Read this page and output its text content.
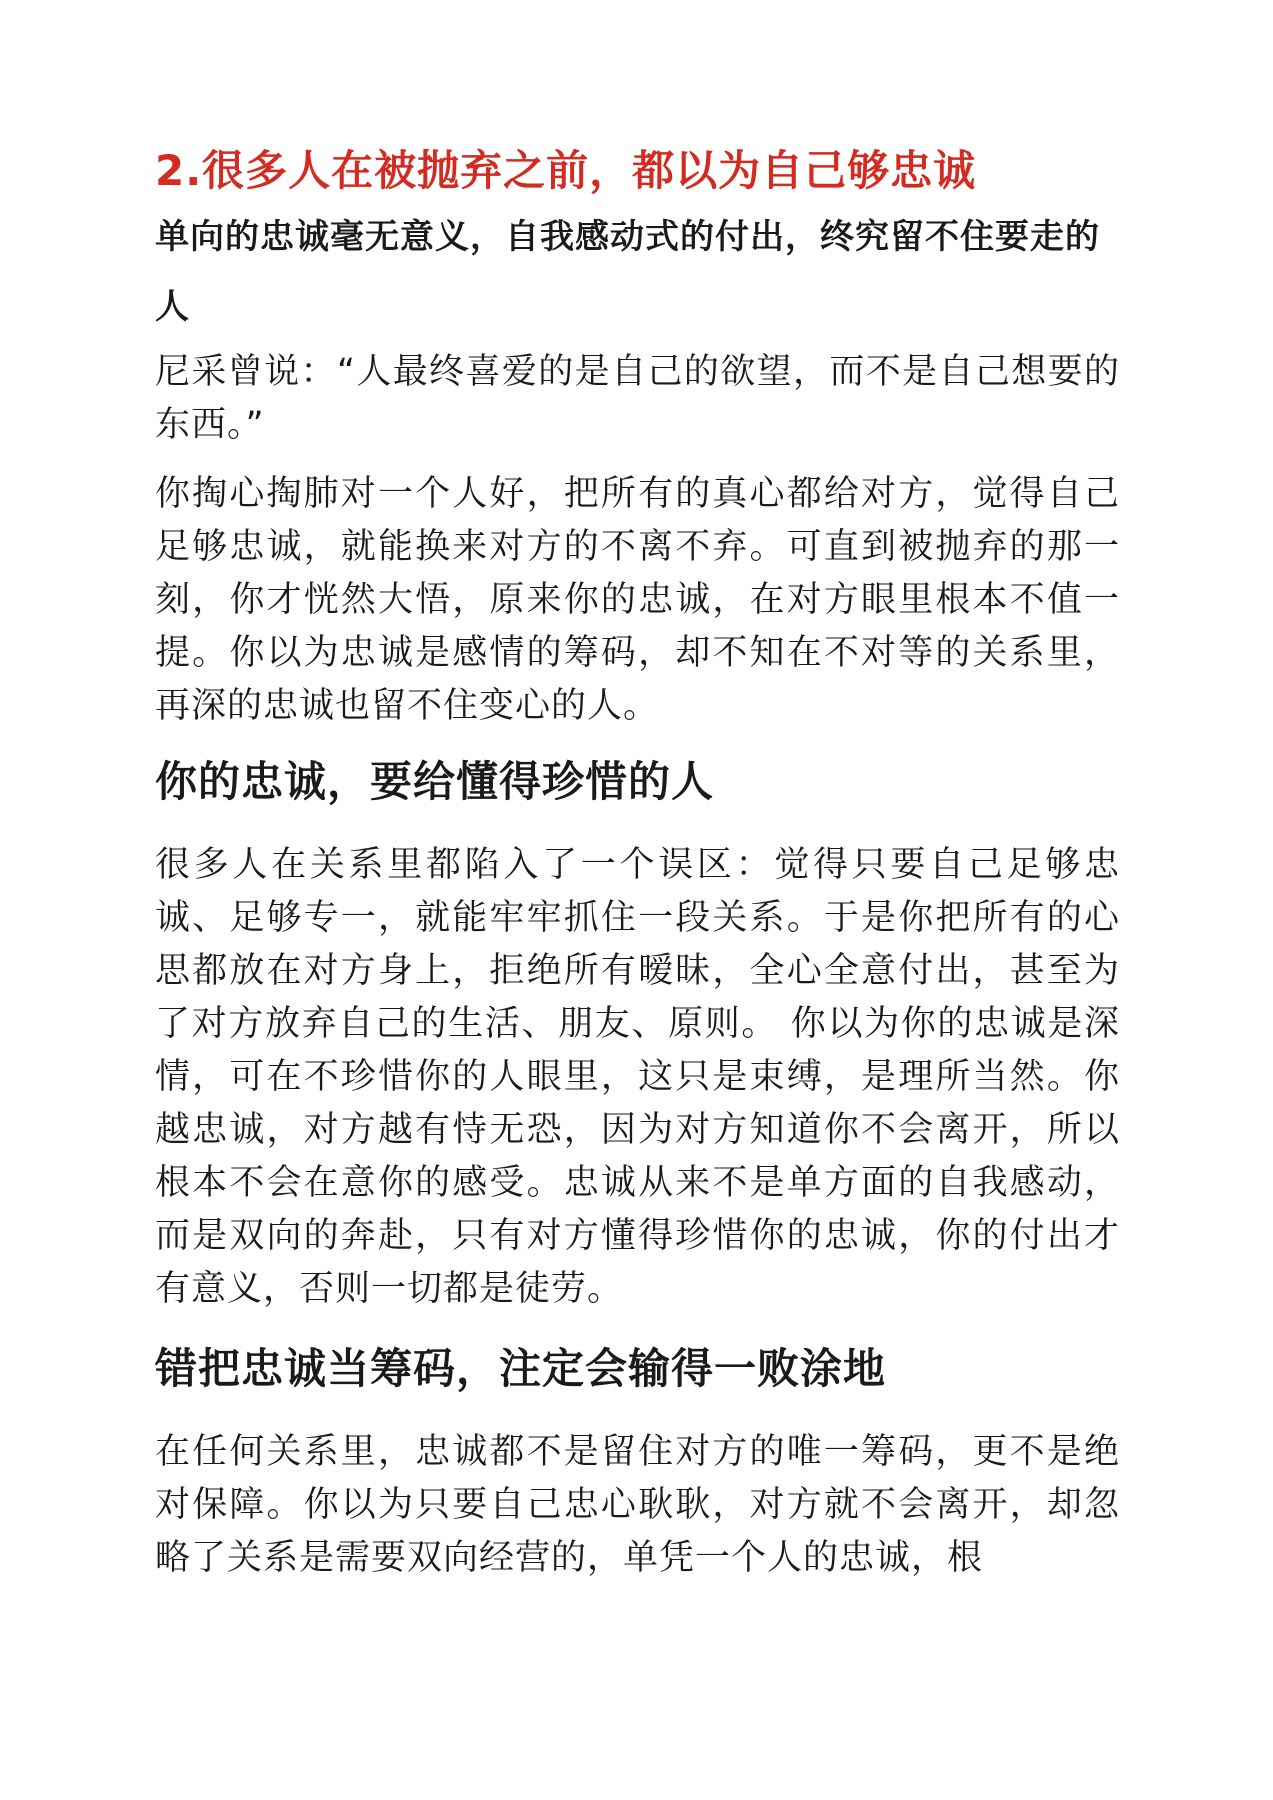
2.很多人在被抛弃之前，都以为自己够忠诚

单向的忠诚毫无意义，自我感动式的付出，终究留不住要走的人

尼采曾说：“人最终喜爱的是自己的欲望，而不是自己想要的东西。”

你掏心掏肺对一个人好，把所有的真心都给对方，觉得自己足够忠诚，就能换来对方的不离不弃。可直到被抛弃的那一刻，你才恍然大悟，原来你的忠诚，在对方眼里根本不值一提。你以为忠诚是感情的筹码，却不知在不对等的关系里，再深的忠诚也留不住变心的人。

你的忠诚，要给懂得珍惜的人

很多人在关系里都陷入了一个误区：觉得只要自己足够忠诚、足够专一，就能牢牢抓住一段关系。于是你把所有的心思都放在对方身上，拒绝所有暧昧，全心全意付出，甚至为了对方放弃自己的生活、朋友、原则。 你以为你的忠诚是深情，可在不珍惜你的人眼里，这只是束缚，是理所当然。你越忠诚，对方越有恃无恐，因为对方知道你不会离开，所以根本不会在意你的感受。忠诚从来不是单方面的自我感动，而是双向的奔赴，只有对方懂得珍惜你的忠诚，你的付出才有意义，否则一切都是徒劳。

错把忠诚当筹码，注定会输得一败涂地

在任何关系里，忠诚都不是留住对方的唯一筹码，更不是绝对保障。你以为只要自己忠心耿耿，对方就不会离开，却忽略了关系是需要双向经营的，单凭一个人的忠诚，根
